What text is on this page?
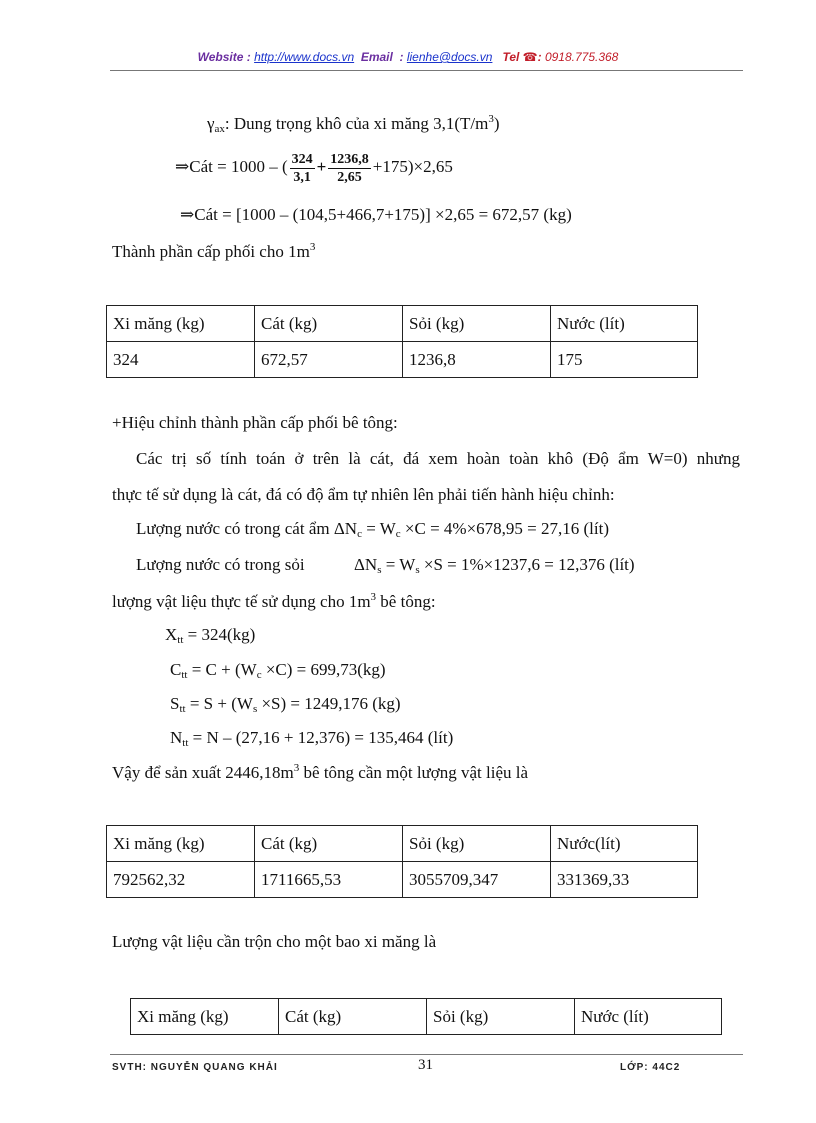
Website : http://www.docs.vn Email : lienhe@docs.vn Tel ☎: 0918.775.368
$\gamma_{ax}$: Dung trọng khô của xi măng $3,1(T/m^3)$
⇒Cát = 1000 – ( $\frac{324}{3,1} + \frac{1236,8}{2,65} +175)\times 2,65$
⇒Cát = [1000 – (104,5+466,7+175)] ×2,65 = 672,57 (kg)
Thành phần cấp phối cho $1m^3$
Xi măng (kg)	Cát (kg)	Sỏi (kg)	Nước (lít)
324	672,57	1236,8	175
+Hiệu chỉnh thành phần cấp phối bê tông:
Các trị số tính toán ở trên là cát, đá xem hoàn toàn khô (Độ ẩm W=0) nhưng
thực tế sử dụng là cát, đá có độ ẩm tự nhiên lên phải tiến hành hiệu chỉnh:
Lượng nước có trong cát ẩm $\Delta N_c = W_c \times C = 4\%\times 678,95 = 27,16$ (lít)
Lượng nước có trong sỏi	$\Delta N_s = W_s \times S = 1\%\times 1237,6 = 12,376$ (lít)
lượng vật liệu thực tế sử dụng cho $1m^3$ bê tông:
$X_{tt} = 324(kg)$
$C_{tt} = C + (W_c \times C) = 699,73(kg)$
$S_{tt} = S + (W_s \times S) = 1249,176$ (kg)
$N_{tt} = N - (27,16 + 12,376) = 135,464$ (lít)
Vậy để sản xuất $2446,18m^3$ bê tông cần một lượng vật liệu là
Xi măng (kg)	Cát (kg)	Sỏi (kg)	Nước(lít)
792562,32	1711665,53	3055709,347	331369,33
Lượng vật liệu cần trộn cho một bao xi măng là
Xi măng (kg)	Cát (kg)	Sỏi (kg)	Nước (lít)
SVTH: NGUYỄN QUANG KHẢI	31	LỚP: 44C2
